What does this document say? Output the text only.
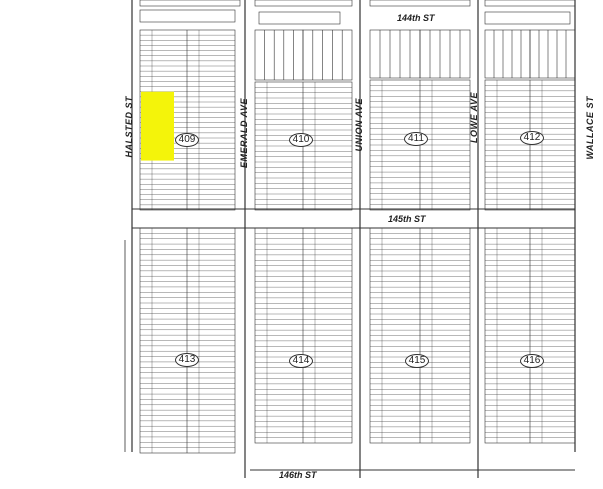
HALSTED ST	EMERALD AVE	UNION AVE	LOWE AVE	WALLACE ST
144th ST
145th ST
146th ST
409	410	411	412
413	414	415	416
